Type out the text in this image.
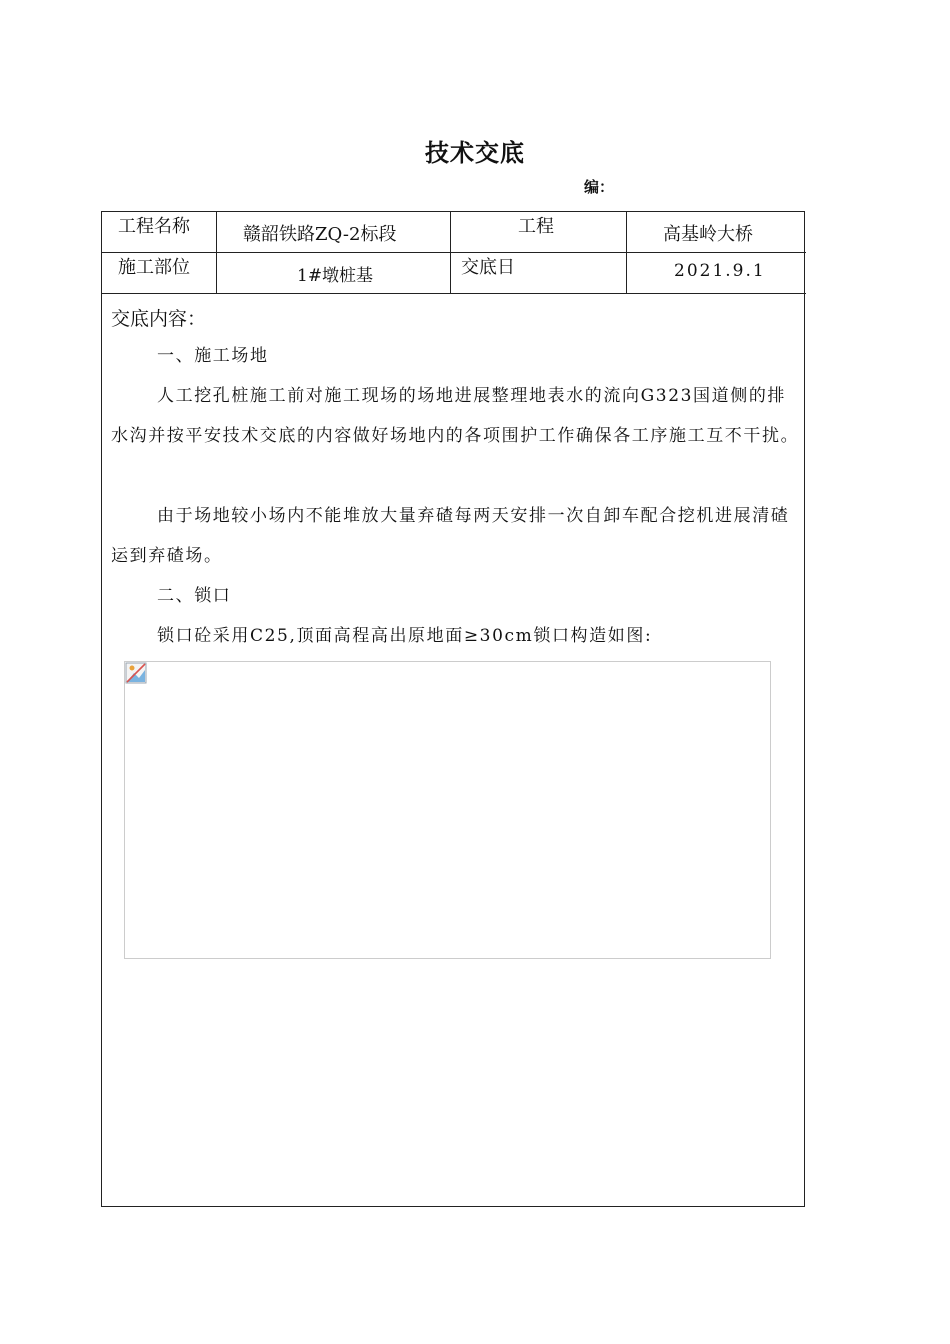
技术交底
编：
工程名称	赣韶铁路ZQ-2标段	工程	高基岭大桥
施工部位	1#墩桩基	交底日	2021.9.1
交底内容：
一、施工场地
人工挖孔桩施工前对施工现场的场地进展整理地表水的流向G323国道侧的排水沟并按平安技术交底的内容做好场地内的各项围护工作确保各工序施工互不干扰。
由于场地较小场内不能堆放大量弃碴每两天安排一次自卸车配合挖机进展清碴运到弃碴场。
二、锁口
锁口砼采用C25,顶面高程高出原地面≥30cm锁口构造如图:
